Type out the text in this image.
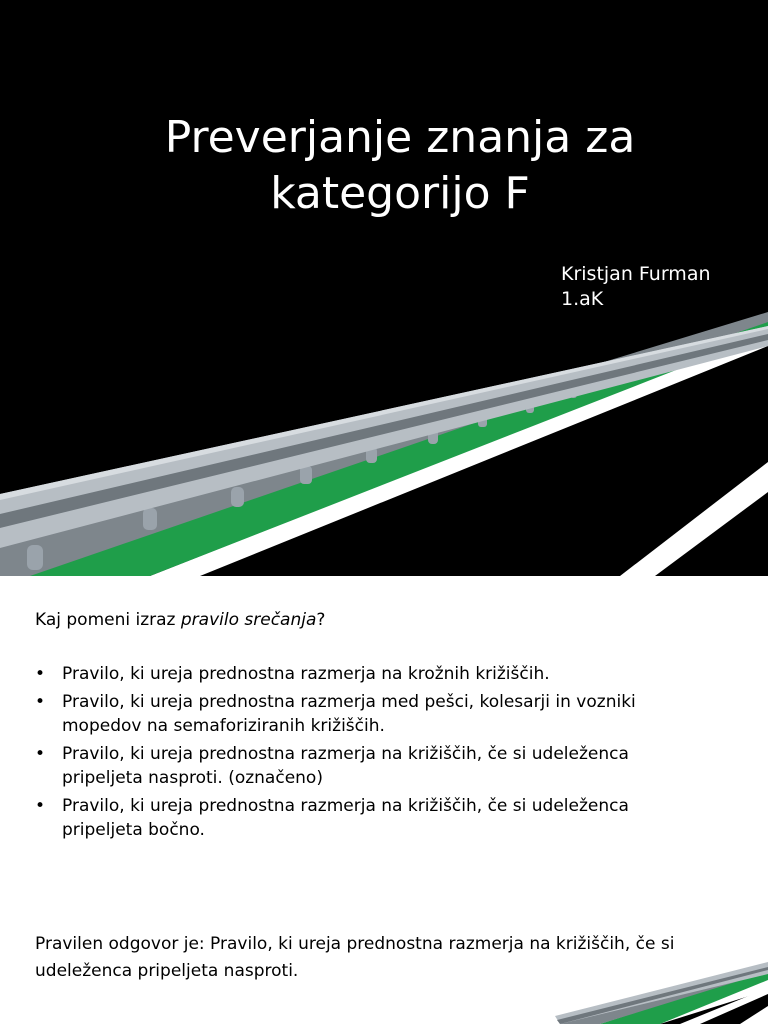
Preverjanje znanja za
kategorijo F
Kristjan Furman
1.aK
Kaj pomeni izraz pravilo srečanja?
• Pravilo, ki ureja prednostna razmerja na krožnih križiščih.
• Pravilo, ki ureja prednostna razmerja med pešci, kolesarji in vozniki mopedov na semaforiziranih križiščih.
• Pravilo, ki ureja prednostna razmerja na križiščih, če si udeleženca pripeljeta nasproti. (označeno)
• Pravilo, ki ureja prednostna razmerja na križiščih, če si udeleženca pripeljeta bočno.
Pravilen odgovor je: Pravilo, ki ureja prednostna razmerja na križiščih, če si udeleženca pripeljeta nasproti.
